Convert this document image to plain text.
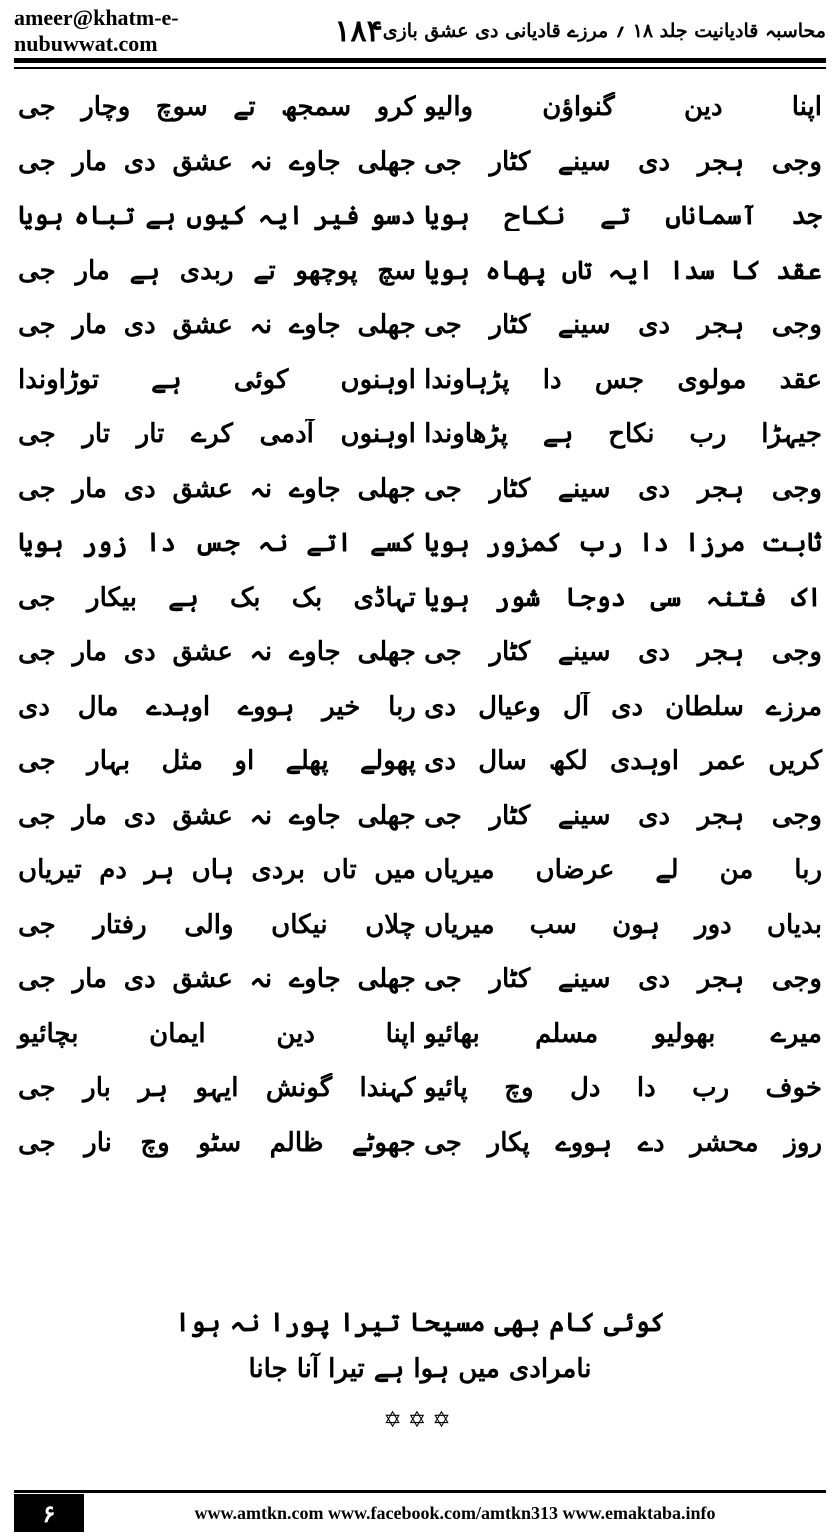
ameer@khatm-e-nubuwwat.com	۱۸۴ محاسبہ قادیانیت جلد ۱۸ ؍ مرزے قادیانی دی عشق بازی
اپنا دین گنواؤن والیو
کرو سمجھ تے سوچ وچار جی
وجی ہجر دی سینے کٹار جی
جھلی جاوے نہ عشق دی مار جی
جد آسماناں تے نکاح ہویا
دسو فیر ایہ کیوں ہے تباہ ہویا
عقد کا سدا ایہ تاں پھاہ ہویا
سچ پوچھو تے ربدی ہے مار جی
وجی ہجر دی سینے کٹار جی
جھلی جاوے نہ عشق دی مار جی
عقد مولوی جس دا پڑہاوندا
اوہنوں کوئی ہے توڑاوندا
جیہڑا رب نکاح ہے پڑھاوندا
اوہنوں آدمی کرے تار تار جی
وجی ہجر دی سینے کٹار جی
جھلی جاوے نہ عشق دی مار جی
ثابت مرزا دا رب کمزور ہویا
کسے اتے نہ جس دا زور ہویا
اک فتنہ سی دوجا شور ہویا
تہاڈی بک بک ہے بیکار جی
وجی ہجر دی سینے کٹار جی
جھلی جاوے نہ عشق دی مار جی
مرزے سلطان دی آل وعیال دی
ربا خیر ہووے اوہدے مال دی
کریں عمر اوہدی لکھ سال دی
پھولے پھلے او مثل بہار جی
وجی ہجر دی سینے کٹار جی
جھلی جاوے نہ عشق دی مار جی
ربا من لے عرضاں میریاں
میں تاں بردی ہاں ہر دم تیریاں
بدیاں دور ہون سب میریاں
چلاں نیکاں والی رفتار جی
وجی ہجر دی سینے کٹار جی
جھلی جاوے نہ عشق دی مار جی
میرے بھولیو مسلم بھائیو
اپنا دین ایمان بچائیو
خوف رب دا دل وچ پائیو
کہندا گونش ایہو ہر بار جی
روز محشر دے ہووے پکار جی
جھوٹے ظالم سٹو وچ نار جی
کوئی کام بھی مسیحا تیرا پورا نہ ہوا
نامرادی میں ہوا ہے تیرا آنا جانا
✡✡✡
۶	www.amtkn.com www.facebook.com/amtkn313 www.emaktaba.info
